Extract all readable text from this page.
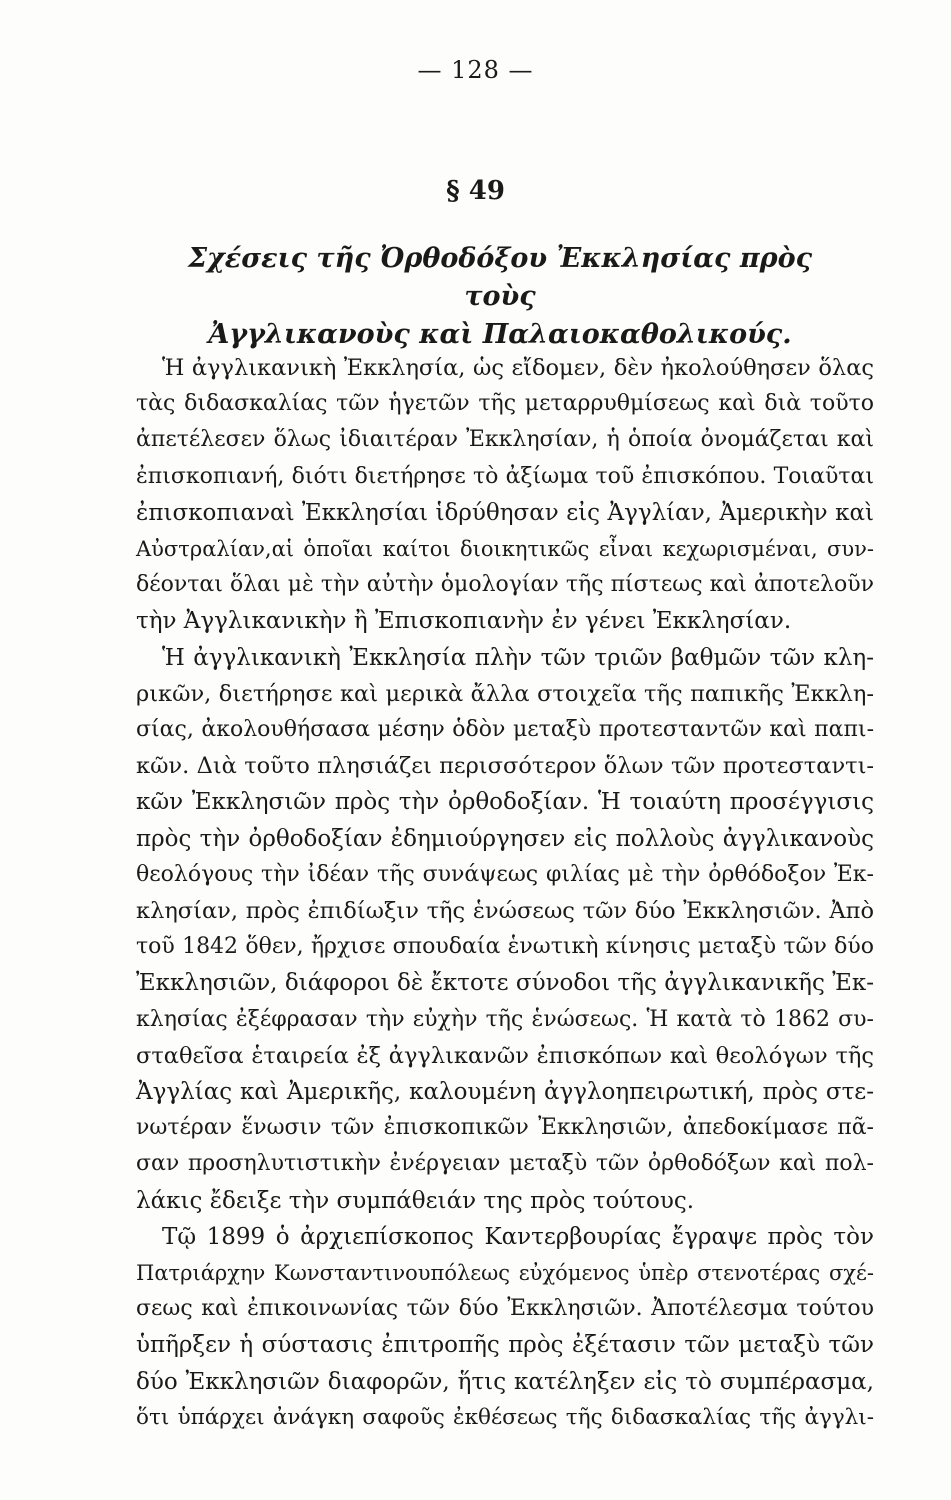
— 128 —
§ 49
Σχέσεις τῆς Ὀρθοδόξου Ἐκκλησίας πρὸς τοὺς
Ἀγγλικανοὺς καὶ Παλαιοκαθολικούς.
Ἡ ἀγγλικανικὴ Ἐκκλησία, ὡς εἴδομεν, δὲν ἠκολούθησεν ὅλας
τὰς διδασκαλίας τῶν ἡγετῶν τῆς μεταρρυθμίσεως καὶ διὰ τοῦτο
ἀπετέλεσεν ὅλως ἰδιαιτέραν Ἐκκλησίαν, ἡ ὁποία ὀνομάζεται καὶ
ἐπισκοπιανή, διότι διετήρησε τὸ ἀξίωμα τοῦ ἐπισκόπου. Τοιαῦται
ἐπισκοπιαναὶ Ἐκκλησίαι ἱδρύθησαν εἰς Ἀγγλίαν, Ἀμερικὴν καὶ
Αὐστραλίαν,αἱ ὁποῖαι καίτοι διοικητικῶς εἶναι κεχωρισμέναι, συν-
δέονται ὅλαι μὲ τὴν αὐτὴν ὁμολογίαν τῆς πίστεως καὶ ἀποτελοῦν
τὴν Ἀγγλικανικὴν ἢ Ἐπισκοπιανὴν ἐν γένει Ἐκκλησίαν.
Ἡ ἀγγλικανικὴ Ἐκκλησία πλὴν τῶν τριῶν βαθμῶν τῶν κλη-
ρικῶν, διετήρησε καὶ μερικὰ ἄλλα στοιχεῖα τῆς παπικῆς Ἐκκλη-
σίας, ἀκολουθήσασα μέσην ὁδὸν μεταξὺ προτεσταντῶν καὶ παπι-
κῶν. Διὰ τοῦτο πλησιάζει περισσότερον ὅλων τῶν προτεσταντι-
κῶν Ἐκκλησιῶν πρὸς τὴν ὀρθοδοξίαν. Ἡ τοιαύτη προσέγγισις
πρὸς τὴν ὀρθοδοξίαν ἐδημιούργησεν εἰς πολλοὺς ἀγγλικανοὺς
θεολόγους τὴν ἰδέαν τῆς συνάψεως φιλίας μὲ τὴν ὀρθόδοξον Ἐκ-
κλησίαν, πρὸς ἐπιδίωξιν τῆς ἑνώσεως τῶν δύο Ἐκκλησιῶν. Ἀπὸ
τοῦ 1842 ὅθεν, ἤρχισε σπουδαία ἑνωτικὴ κίνησις μεταξὺ τῶν δύο
Ἐκκλησιῶν, διάφοροι δὲ ἔκτοτε σύνοδοι τῆς ἀγγλικανικῆς Ἐκ-
κλησίας ἐξέφρασαν τὴν εὐχὴν τῆς ἑνώσεως. Ἡ κατὰ τὸ 1862 συ-
σταθεῖσα ἑταιρεία ἐξ ἀγγλικανῶν ἐπισκόπων καὶ θεολόγων τῆς
Ἀγγλίας καὶ Ἀμερικῆς, καλουμένη ἀγγλοηπειρωτική, πρὸς στε-
νωτέραν ἕνωσιν τῶν ἐπισκοπικῶν Ἐκκλησιῶν, ἀπεδοκίμασε πᾶ-
σαν προσηλυτιστικὴν ἐνέργειαν μεταξὺ τῶν ὀρθοδόξων καὶ πολ-
λάκις ἔδειξε τὴν συμπάθειάν της πρὸς τούτους.
Τῷ 1899 ὁ ἀρχιεπίσκοπος Καντερβουρίας ἔγραψε πρὸς τὸν
Πατριάρχην Κωνσταντινουπόλεως εὐχόμενος ὑπὲρ στενοτέρας σχέ-
σεως καὶ ἐπικοινωνίας τῶν δύο Ἐκκλησιῶν. Ἀποτέλεσμα τούτου
ὑπῆρξεν ἡ σύστασις ἐπιτροπῆς πρὸς ἐξέτασιν τῶν μεταξὺ τῶν
δύο Ἐκκλησιῶν διαφορῶν, ἥτις κατέληξεν εἰς τὸ συμπέρασμα,
ὅτι ὑπάρχει ἀνάγκη σαφοῦς ἐκθέσεως τῆς διδασκαλίας τῆς ἀγγλι-
